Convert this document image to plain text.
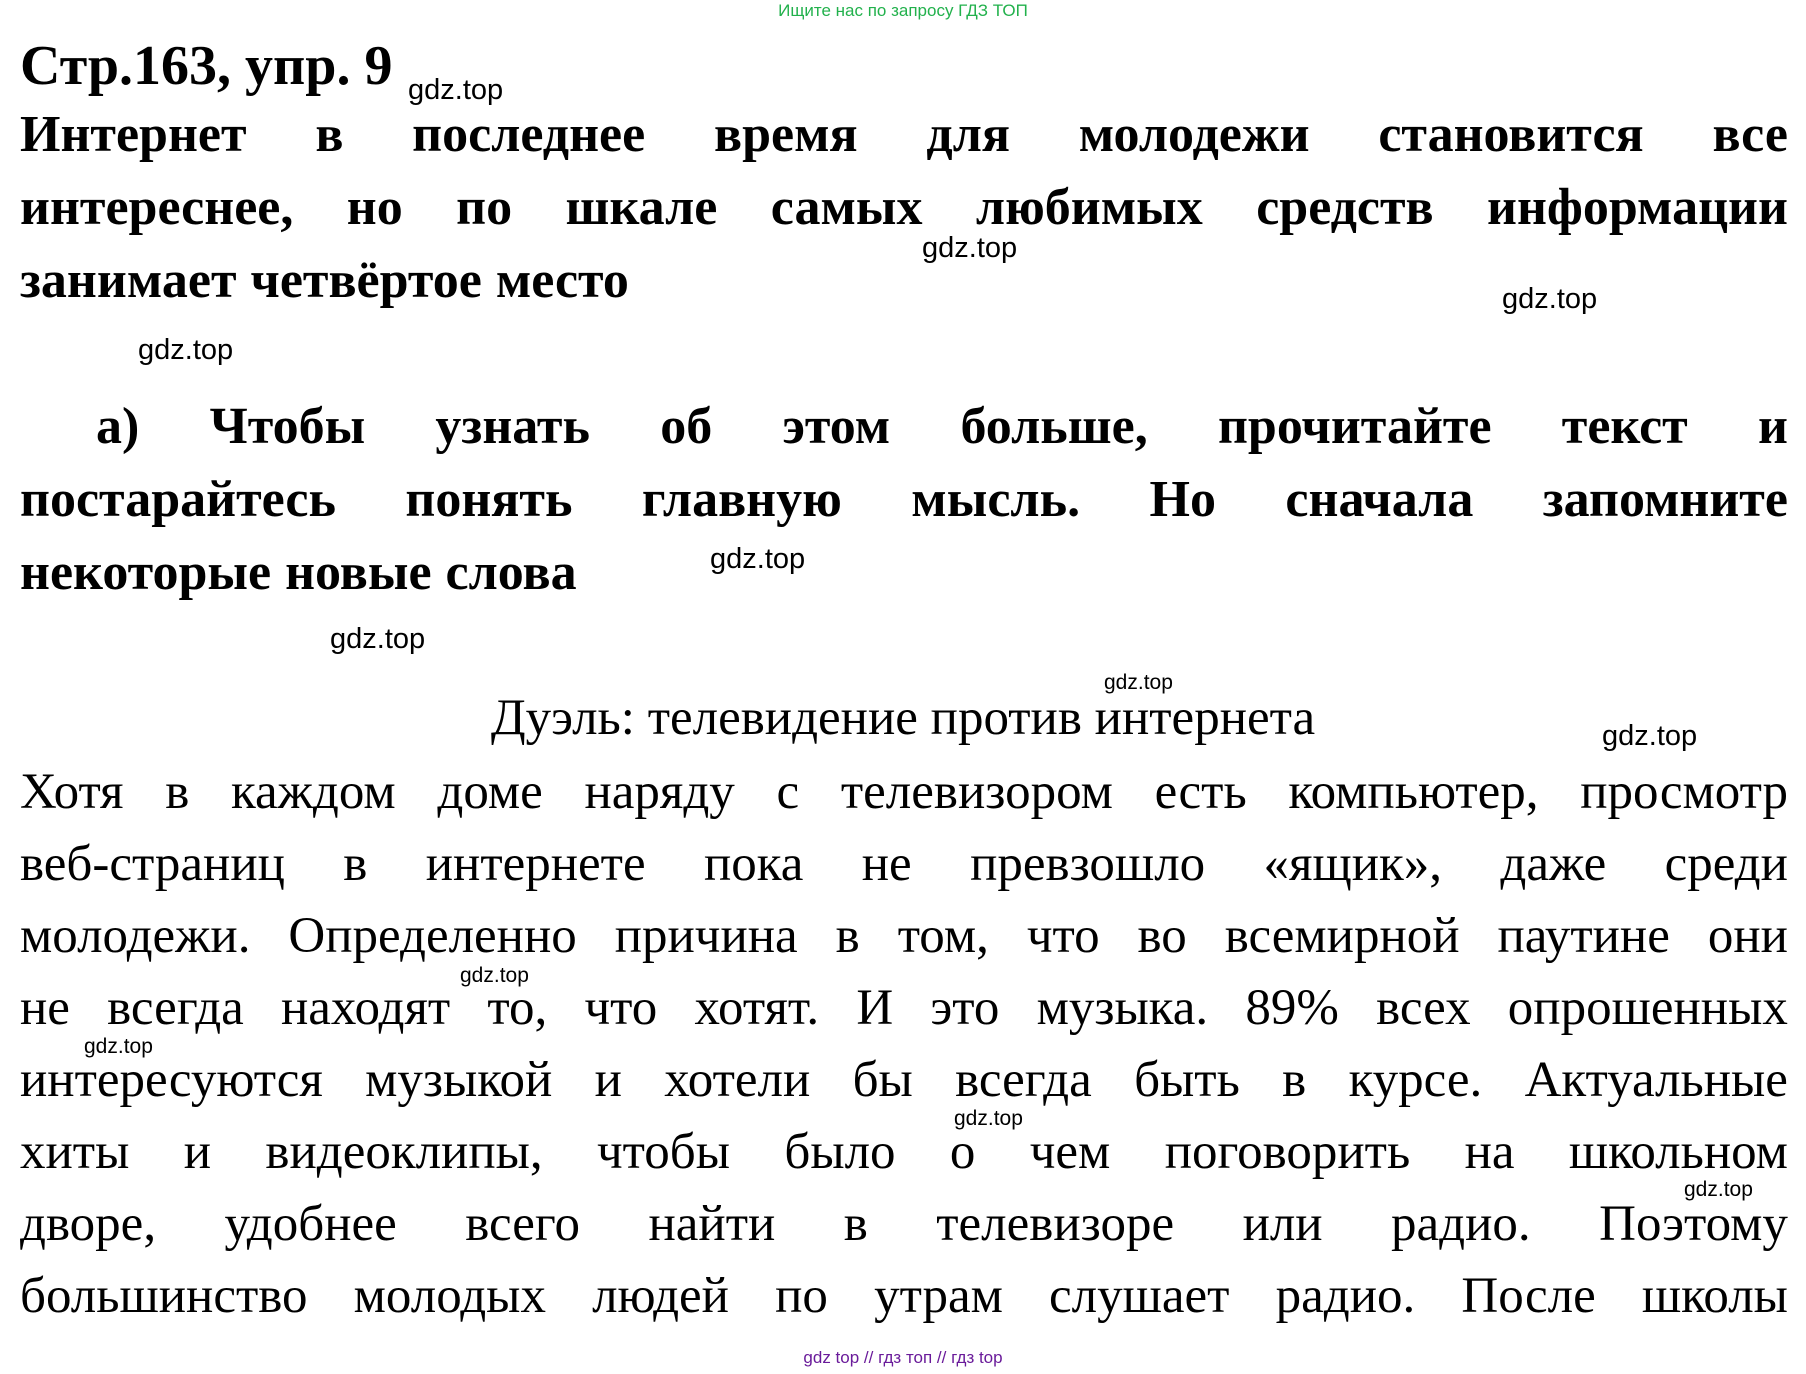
Ищите нас по запросу ГДЗ ТОП
Стр.163, упр. 9
Интернет в последнее время для молодежи становится все
интереснее, но по шкале самых любимых средств информации
занимает четвёртое место
а) Чтобы узнать об этом больше, прочитайте текст и
постарайтесь понять главную мысль. Но сначала запомните
некоторые новые слова
Дуэль: телевидение против интернета
Хотя в каждом доме наряду с телевизором есть компьютер, просмотр
веб-страниц в интернете пока не превзошло «ящик», даже среди
молодежи. Определенно причина в том, что во всемирной паутине они
не всегда находят то, что хотят. И это музыка. 89% всех опрошенных
интересуются музыкой и хотели бы всегда быть в курсе. Актуальные
хиты и видеоклипы, чтобы было о чем поговорить на школьном
дворе, удобнее всего найти в телевизоре или радио. Поэтому
большинство молодых людей по утрам слушает радио. После школы
gdz.top
gdz.top
gdz.top
gdz.top
gdz.top
gdz.top
gdz.top
gdz.top
gdz.top
gdz.top
gdz.top
gdz.top
gdz top // гдз топ // гдз top
